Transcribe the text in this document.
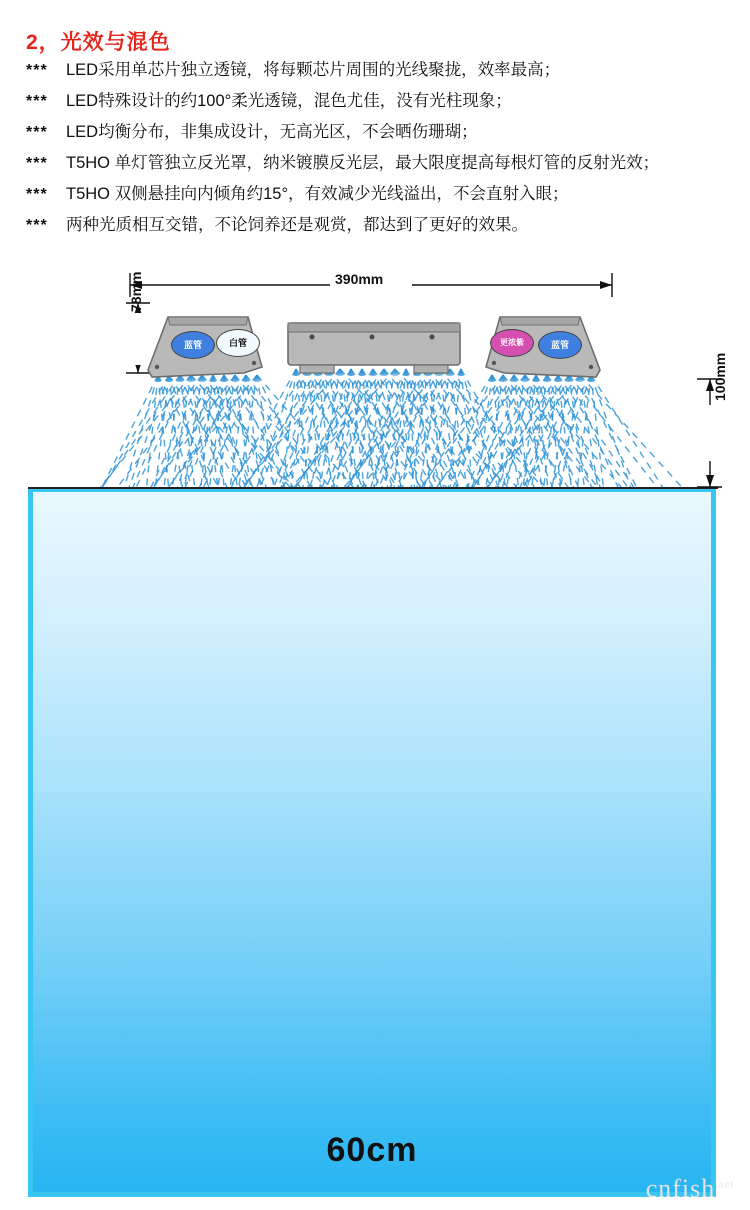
2，光效与混色
***	LED采用单芯片独立透镜，将每颗芯片周围的光线聚拢，效率最高；
***	LED特殊设计的约100°柔光透镜，混色尤佳，没有光柱现象；
***	LED均衡分布，非集成设计，无高光区，不会晒伤珊瑚；
***	T5HO 单灯管独立反光罩，纳米镀膜反光层，最大限度提高每根灯管的反射光效；
***	T5HO 双侧悬挂向内倾角约15°，有效减少光线溢出，不会直射入眼；
***	两种光质相互交错，不论饲养还是观赏，都达到了更好的效果。
60cm
蓝管	白管	更浓紫	蓝管
390mm
78mm
100mm
cnfish$^{.net}$
